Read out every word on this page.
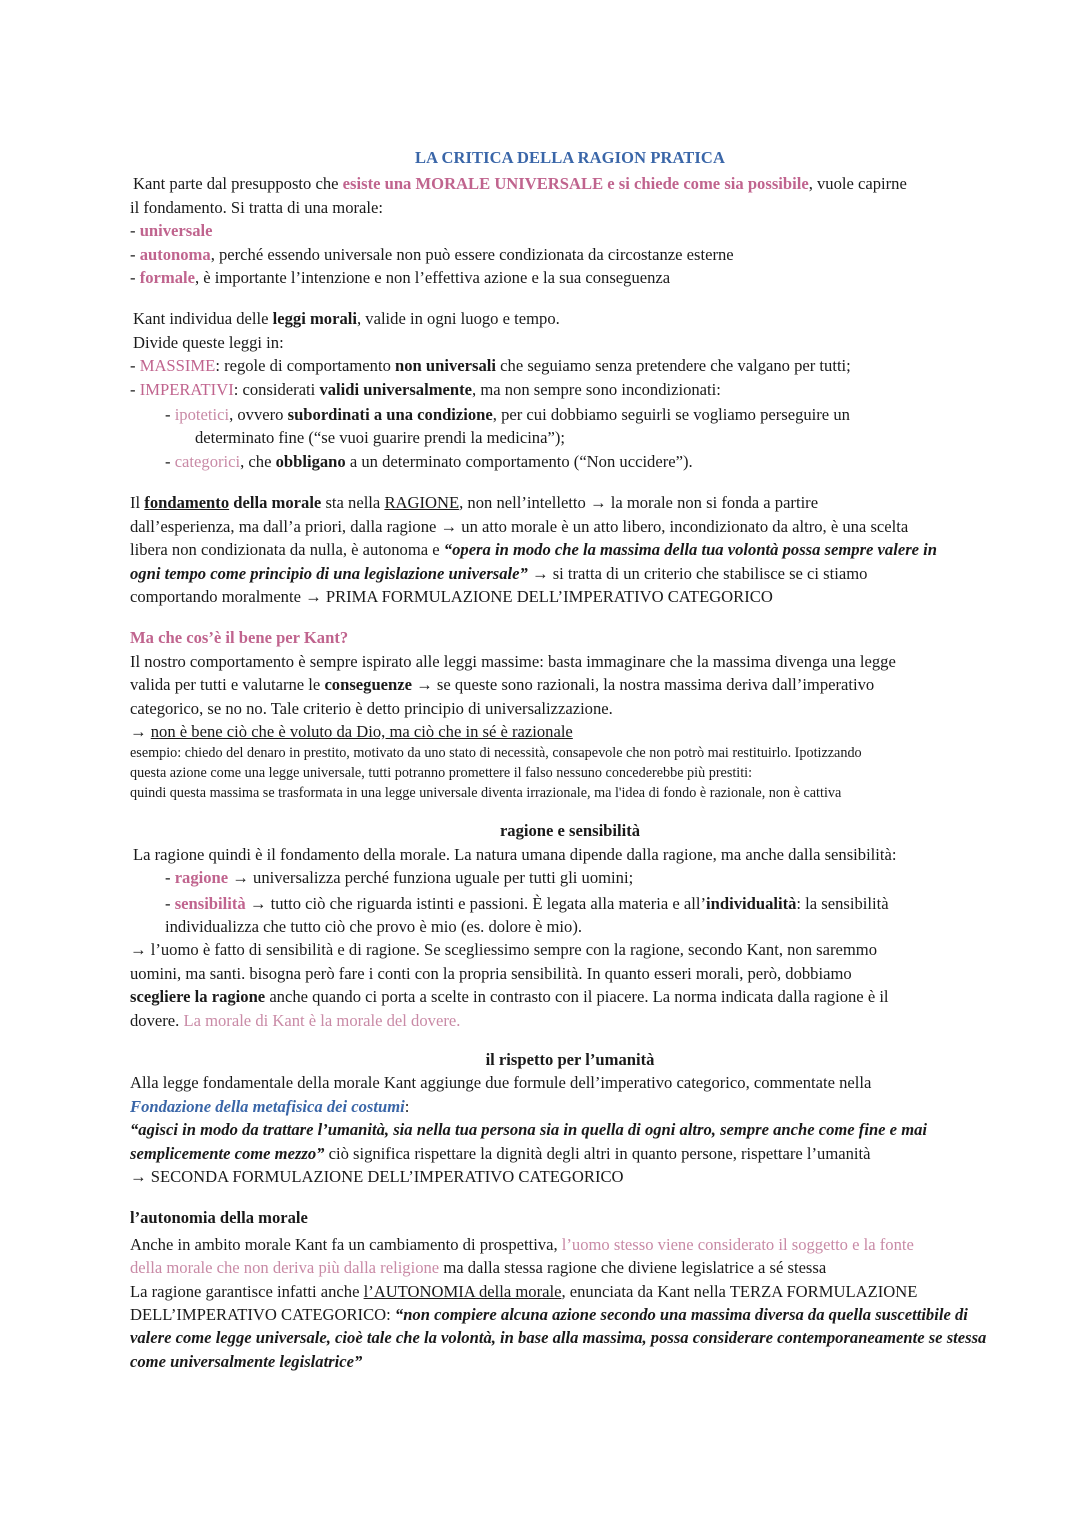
LA CRITICA DELLA RAGION PRATICA

Kant parte dal presupposto che esiste una MORALE UNIVERSALE e si chiede come sia possibile, vuole capirne

il fondamento. Si tratta di una morale:

- universale

- autonoma, perché essendo universale non può essere condizionata da circostanze esterne

- formale, è importante l’intenzione e non l’effettiva azione e la sua conseguenza

Kant individua delle leggi morali, valide in ogni luogo e tempo.

Divide queste leggi in:

- MASSIME: regole di comportamento non universali che seguiamo senza pretendere che valgano per tutti;

- IMPERATIVI: considerati validi universalmente, ma non sempre sono incondizionati:

- ipotetici, ovvero subordinati a una condizione, per cui dobbiamo seguirli se vogliamo perseguire un

determinato fine (“se vuoi guarire prendi la medicina”);

- categorici, che obbligano a un determinato comportamento (“Non uccidere”).

Il fondamento della morale sta nella RAGIONE, non nell’intelletto → la morale non si fonda a partire

dall’esperienza, ma dall’a priori, dalla ragione → un atto morale è un atto libero, incondizionato da altro, è una scelta

libera non condizionata da nulla, è autonoma e “opera in modo che la massima della tua volontà possa sempre valere in

ogni tempo come principio di una legislazione universale” → si tratta di un criterio che stabilisce se ci stiamo

comportando moralmente → PRIMA FORMULAZIONE DELL’IMPERATIVO CATEGORICO

Ma che cos’è il bene per Kant?

Il nostro comportamento è sempre ispirato alle leggi massime: basta immaginare che la massima divenga una legge

valida per tutti e valutarne le conseguenze → se queste sono razionali, la nostra massima deriva dall’imperativo

categorico, se no no. Tale criterio è detto principio di universalizzazione.

→ non è bene ciò che è voluto da Dio, ma ciò che in sé è razionale

esempio: chiedo del denaro in prestito, motivato da uno stato di necessità, consapevole che non potrò mai restituirlo. Ipotizzando

questa azione come una legge universale, tutti potranno promettere il falso nessuno concederebbe più prestiti:

quindi questa massima se trasformata in una legge universale diventa irrazionale, ma l'idea di fondo è razionale, non è cattiva

ragione e sensibilità

La ragione quindi è il fondamento della morale. La natura umana dipende dalla ragione, ma anche dalla sensibilità:

- ragione → universalizza perché funziona uguale per tutti gli uomini;

- sensibilità → tutto ciò che riguarda istinti e passioni. È legata alla materia e all’individualità: la sensibilità

individualizza che tutto ciò che provo è mio (es. dolore è mio).

→ l’uomo è fatto di sensibilità e di ragione. Se scegliessimo sempre con la ragione, secondo Kant, non saremmo

uomini, ma santi. bisogna però fare i conti con la propria sensibilità. In quanto esseri morali, però, dobbiamo

scegliere la ragione anche quando ci porta a scelte in contrasto con il piacere. La norma indicata dalla ragione è il

dovere. La morale di Kant è la morale del dovere.

il rispetto per l’umanità

Alla legge fondamentale della morale Kant aggiunge due formule dell’imperativo categorico, commentate nella

Fondazione della metafisica dei costumi:

“agisci in modo da trattare l’umanità, sia nella tua persona sia in quella di ogni altro, sempre anche come fine e mai

semplicemente come mezzo” ciò significa rispettare la dignità degli altri in quanto persone, rispettare l’umanità

→ SECONDA FORMULAZIONE DELL’IMPERATIVO CATEGORICO

l’autonomia della morale

Anche in ambito morale Kant fa un cambiamento di prospettiva, l’uomo stesso viene considerato il soggetto e la fonte

della morale che non deriva più dalla religione ma dalla stessa ragione che diviene legislatrice a sé stessa

La ragione garantisce infatti anche l’AUTONOMIA della morale, enunciata da Kant nella TERZA FORMULAZIONE

DELL’IMPERATIVO CATEGORICO: “non compiere alcuna azione secondo una massima diversa da quella suscettibile di

valere come legge universale, cioè tale che la volontà, in base alla massima, possa considerare contemporaneamente se stessa

come universalmente legislatrice”
